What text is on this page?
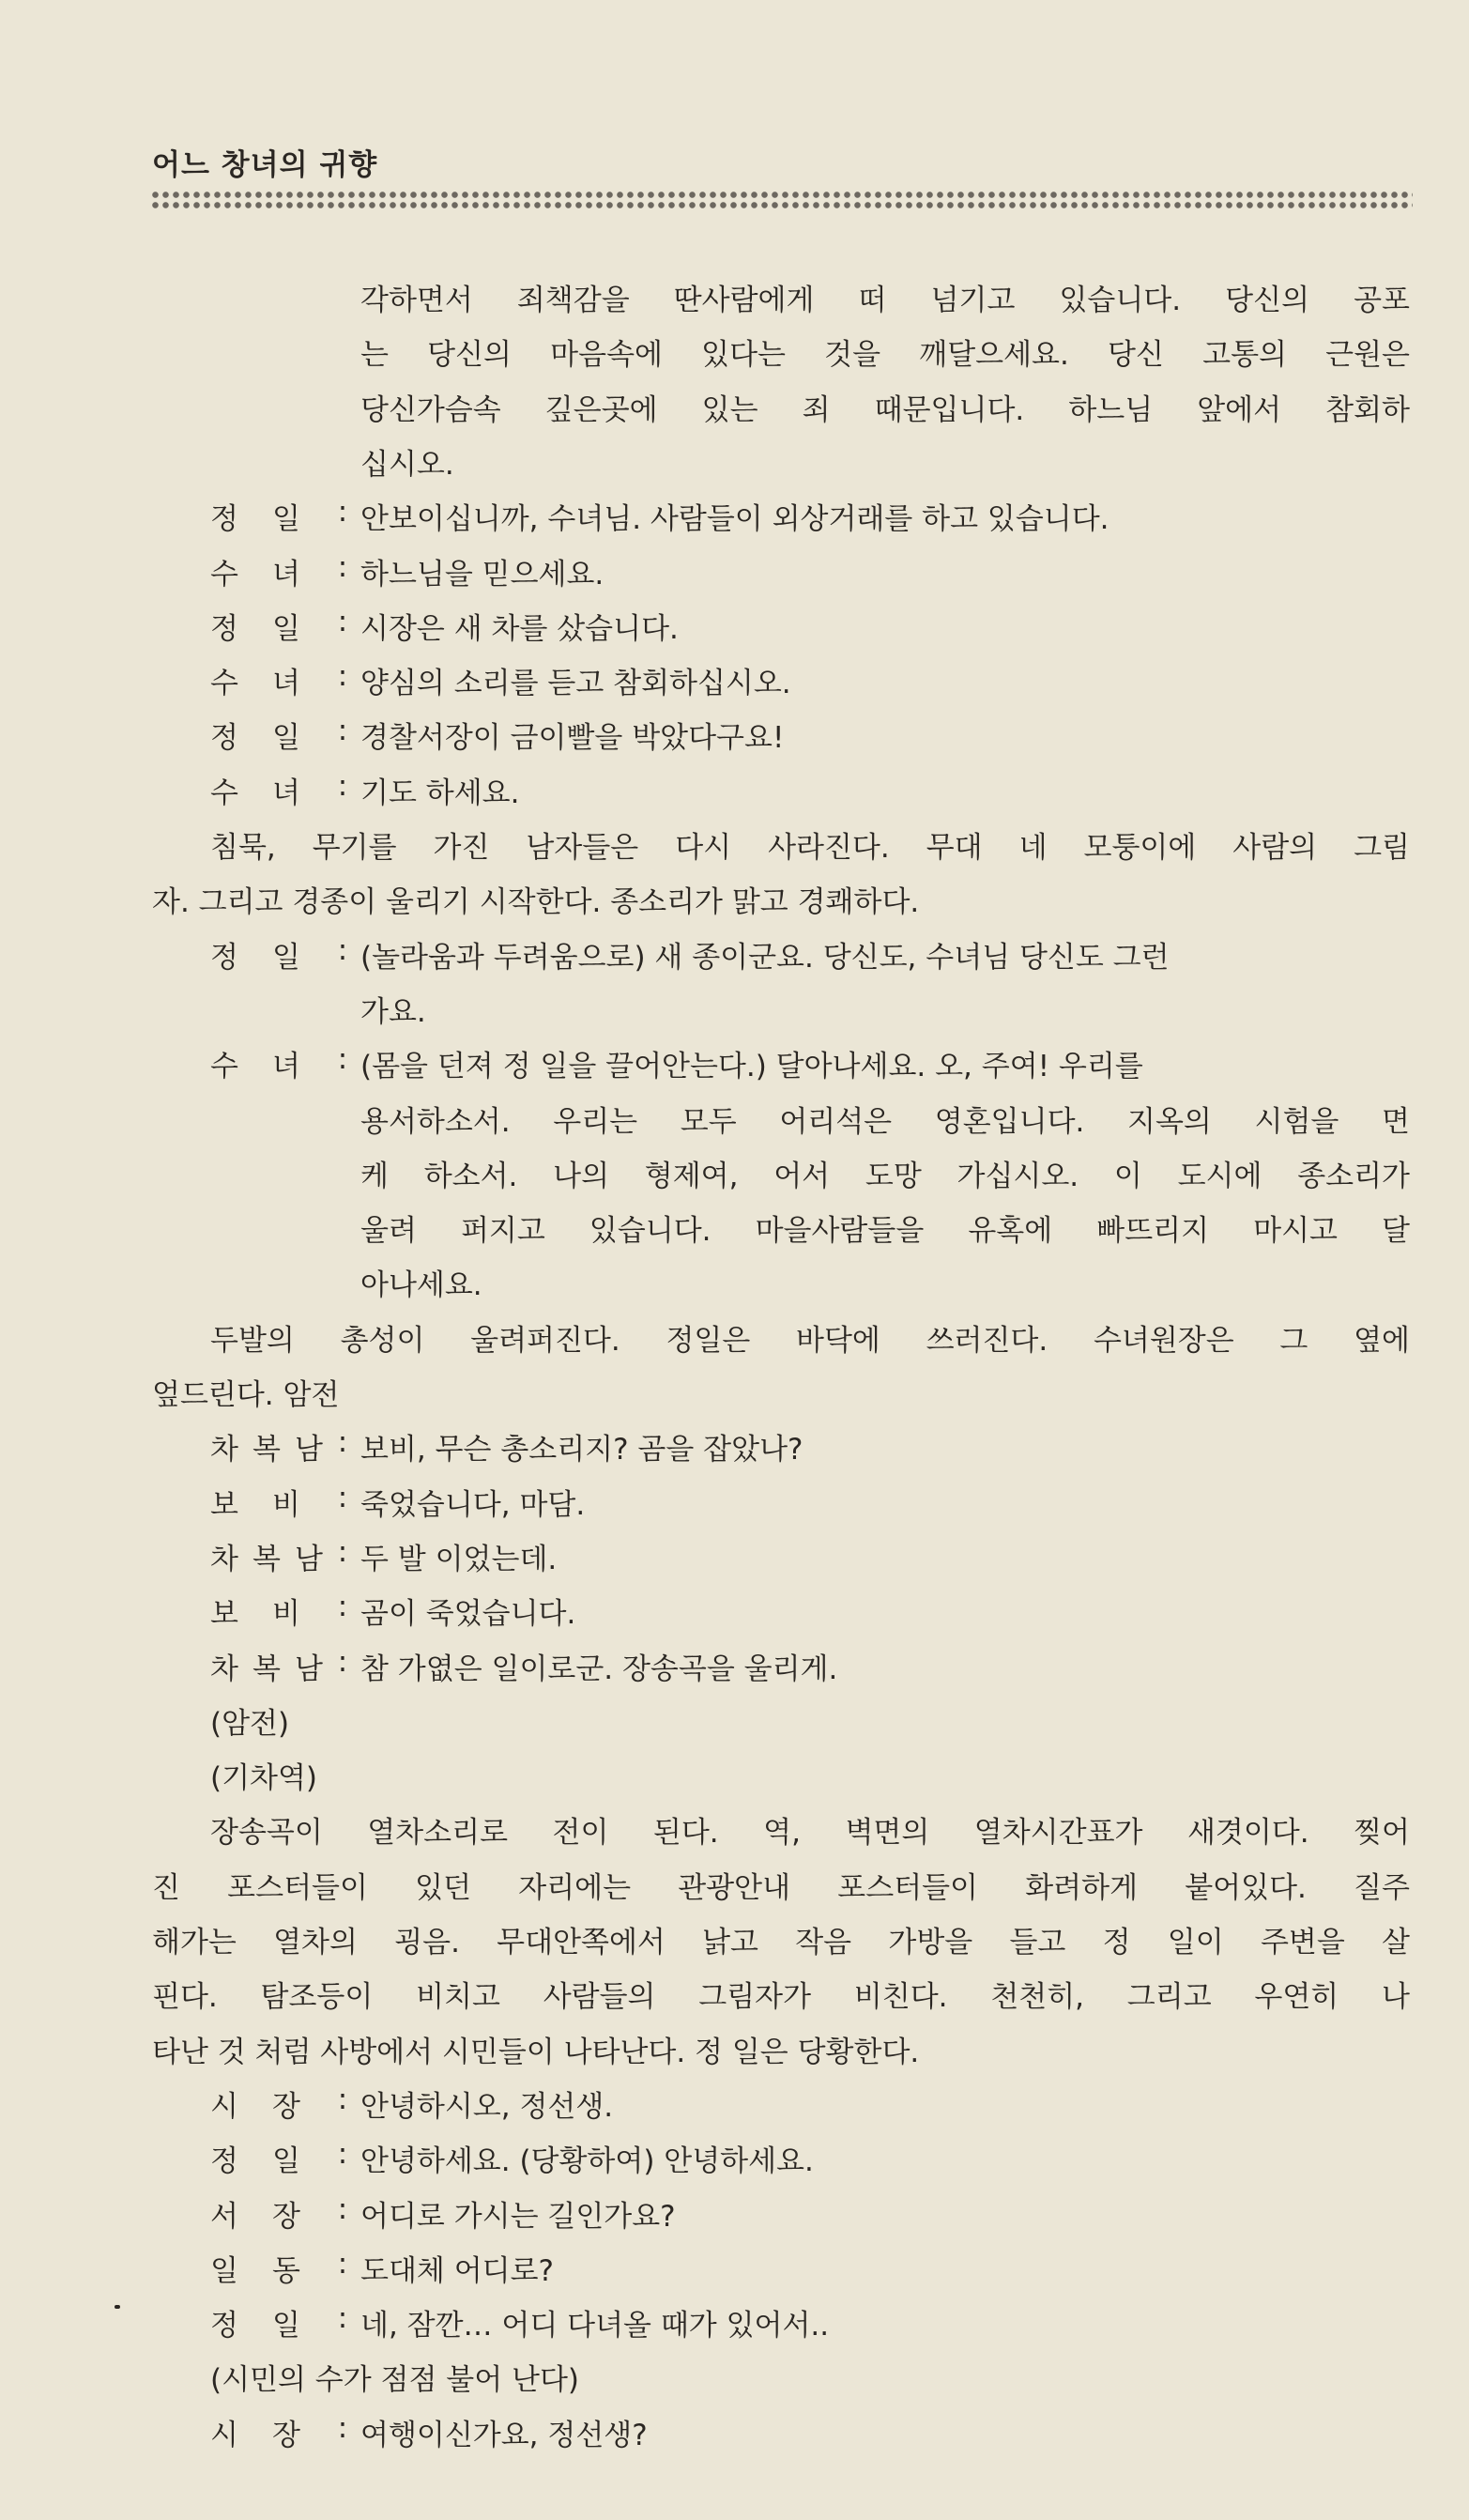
어느 창녀의 귀향
각하면서 죄책감을 딴사람에게 떠 넘기고 있습니다. 당신의 공포
는 당신의 마음속에 있다는 것을 깨달으세요. 당신 고통의 근원은
당신가슴속 깊은곳에 있는 죄 때문입니다. 하느님 앞에서 참회하
십시오.
정 일 : 안보이십니까, 수녀님. 사람들이 외상거래를 하고 있습니다.
수 녀 : 하느님을 믿으세요.
정 일 : 시장은 새 차를 샀습니다.
수 녀 : 양심의 소리를 듣고 참회하십시오.
정 일 : 경찰서장이 금이빨을 박았다구요!
수 녀 : 기도 하세요.
침묵, 무기를 가진 남자들은 다시 사라진다. 무대 네 모퉁이에 사람의 그림
자. 그리고 경종이 울리기 시작한다. 종소리가 맑고 경쾌하다.
정 일 : (놀라움과 두려움으로) 새 종이군요. 당신도, 수녀님 당신도 그런
가요.
수 녀 : (몸을 던져 정 일을 끌어안는다.) 달아나세요. 오, 주여! 우리를
용서하소서. 우리는 모두 어리석은 영혼입니다. 지옥의 시험을 면
케 하소서. 나의 형제여, 어서 도망 가십시오. 이 도시에 종소리가
울려 퍼지고 있습니다. 마을사람들을 유혹에 빠뜨리지 마시고 달
아나세요.
두발의 총성이 울려퍼진다. 정일은 바닥에 쓰러진다. 수녀원장은 그 옆에
엎드린다. 암전
차 복 남 : 보비, 무슨 총소리지? 곰을 잡았나?
보 비 : 죽었습니다, 마담.
차 복 남 : 두 발 이었는데.
보 비 : 곰이 죽었습니다.
차 복 남 : 참 가엾은 일이로군. 장송곡을 울리게.
(암전)
(기차역)
장송곡이 열차소리로 전이 된다. 역, 벽면의 열차시간표가 새겻이다. 찢어
진 포스터들이 있던 자리에는 관광안내 포스터들이 화려하게 붙어있다. 질주
해가는 열차의 굉음. 무대안쪽에서 낡고 작음 가방을 들고 정 일이 주변을 살
핀다. 탐조등이 비치고 사람들의 그림자가 비친다. 천천히, 그리고 우연히 나
타난 것 처럼 사방에서 시민들이 나타난다. 정 일은 당황한다.
시 장 : 안녕하시오, 정선생.
정 일 : 안녕하세요. (당황하여) 안녕하세요.
서 장 : 어디로 가시는 길인가요?
일 동 : 도대체 어디로?
정 일 : 네, 잠깐… 어디 다녀올 때가 있어서..
(시민의 수가 점점 불어 난다)
시 장 : 여행이신가요, 정선생?
